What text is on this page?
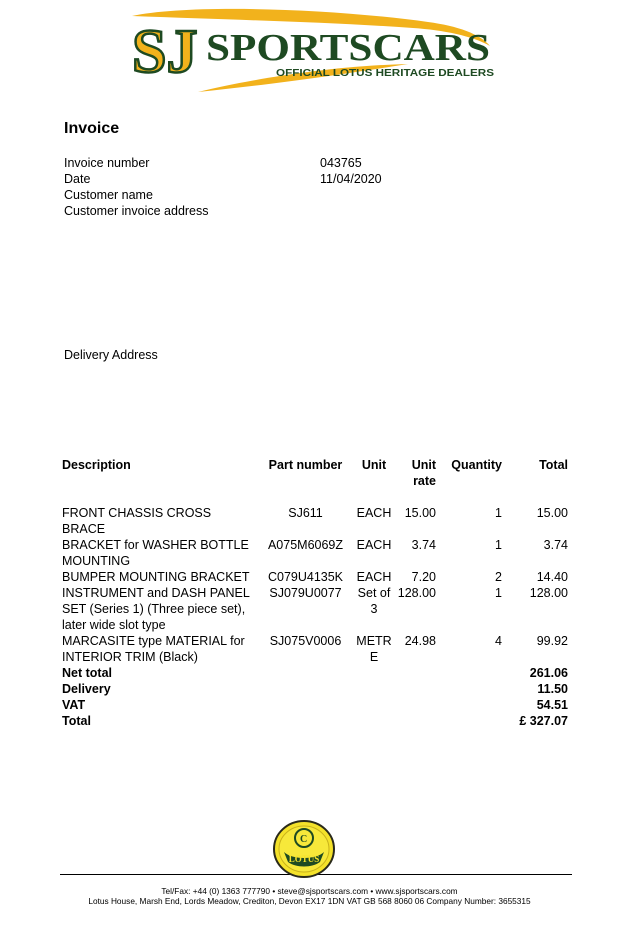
SJ SPORTSCARS
OFFICIAL LOTUS HERITAGE DEALERS
Invoice
Invoice number	043765
Date	11/04/2020
Customer name
Customer invoice address
Delivery Address
Description	Part number	Unit	Unit rate	Quantity	Total

FRONT CHASSIS CROSS BRACE	SJ611	EACH	15.00	1	15.00
BRACKET for WASHER BOTTLE MOUNTING	A075M6069Z	EACH	3.74	1	3.74
BUMPER MOUNTING BRACKET	C079U4135K	EACH	7.20	2	14.40
INSTRUMENT and DASH PANEL SET (Series 1) (Three piece set), later wide slot type	SJ079U0077	Set of 3	128.00	1	128.00
MARCASITE type MATERIAL for INTERIOR TRIM (Black)	SJ075V0006	METRE	24.98	4	99.92
Net total					261.06
Delivery					11.50
VAT					54.51
Total					£ 327.07
C
LOTUS
Tel/Fax: +44 (0) 1363 777790 • steve@sjsportscars.com • www.sjsportscars.com
Lotus House, Marsh End, Lords Meadow, Crediton, Devon EX17 1DN VAT GB 568 8060 06 Company Number: 3655315
